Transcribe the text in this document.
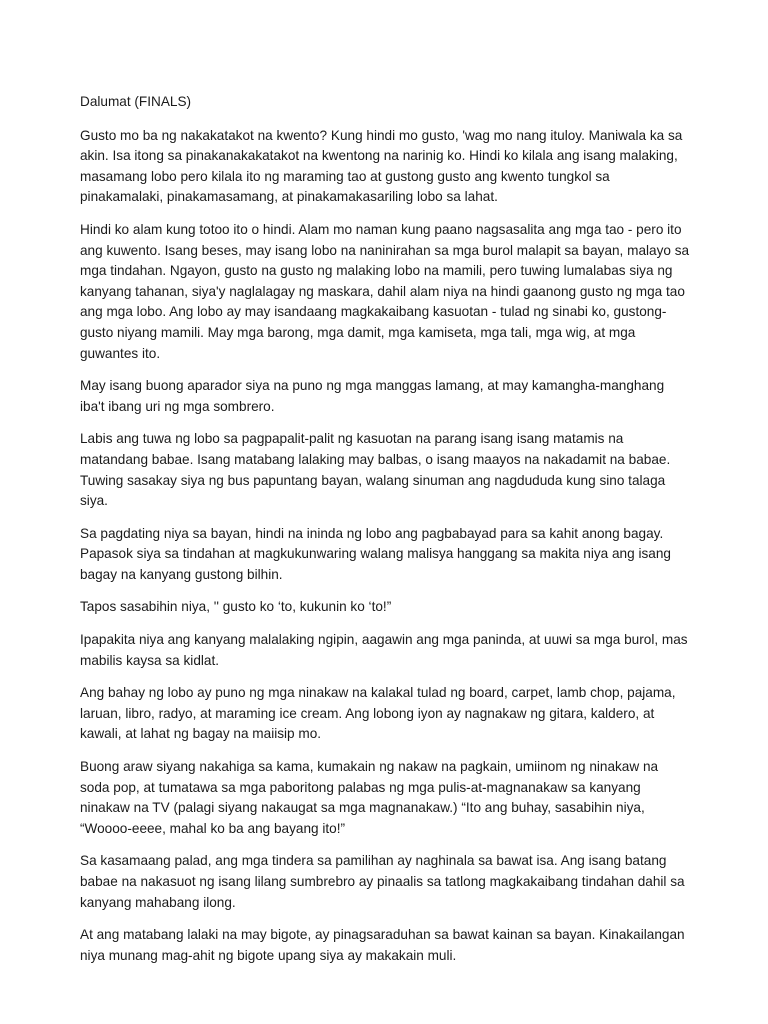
Dalumat (FINALS)

Gusto mo ba ng nakakatakot na kwento? Kung hindi mo gusto, 'wag mo nang ituloy. Maniwala ka sa akin. Isa itong sa pinakanakakatakot na kwentong na narinig ko. Hindi ko kilala ang isang malaking, masamang lobo pero kilala ito ng maraming tao at gustong gusto ang kwento tungkol sa pinakamalaki, pinakamasamang, at pinakamakasariling lobo sa lahat.

Hindi ko alam kung totoo ito o hindi. Alam mo naman kung paano nagsasalita ang mga tao - pero ito ang kuwento. Isang beses, may isang lobo na naninirahan sa mga burol malapit sa bayan, malayo sa mga tindahan. Ngayon, gusto na gusto ng malaking lobo na mamili, pero tuwing lumalabas siya ng kanyang tahanan, siya'y naglalagay ng maskara, dahil alam niya na hindi gaanong gusto ng mga tao ang mga lobo. Ang lobo ay may isandaang magkakaibang kasuotan - tulad ng sinabi ko, gustong-gusto niyang mamili. May mga barong, mga damit, mga kamiseta, mga tali, mga wig, at mga guwantes ito.

May isang buong aparador siya na puno ng mga manggas lamang, at may kamangha-manghang iba't ibang uri ng mga sombrero.

Labis ang tuwa ng lobo sa pagpapalit-palit ng kasuotan na parang isang isang matamis na matandang babae. Isang matabang lalaking may balbas, o isang maayos na nakadamit na babae. Tuwing sasakay siya ng bus papuntang bayan, walang sinuman ang nagdududa kung sino talaga siya.

Sa pagdating niya sa bayan, hindi na ininda ng lobo ang pagbabayad para sa kahit anong bagay. Papasok siya sa tindahan at magkukunwaring walang malisya hanggang sa makita niya ang isang bagay na kanyang gustong bilhin.

Tapos sasabihin niya, '' gusto ko ‘to, kukunin ko ‘to!”

Ipapakita niya ang kanyang malalaking ngipin, aagawin ang mga paninda, at uuwi sa mga burol, mas mabilis kaysa sa kidlat.

Ang bahay ng lobo ay puno ng mga ninakaw na kalakal tulad ng board, carpet, lamb chop, pajama, laruan, libro, radyo, at maraming ice cream. Ang lobong iyon ay nagnakaw ng gitara, kaldero, at kawali, at lahat ng bagay na maiisip mo.

Buong araw siyang nakahiga sa kama, kumakain ng nakaw na pagkain, umiinom ng ninakaw na soda pop, at tumatawa sa mga paboritong palabas ng mga pulis-at-magnanakaw sa kanyang ninakaw na TV (palagi siyang nakaugat sa mga magnanakaw.) “Ito ang buhay, sasabihin niya, “Woooo-eeee, mahal ko ba ang bayang ito!”

Sa kasamaang palad, ang mga tindera sa pamilihan ay naghinala sa bawat isa. Ang isang batang babae na nakasuot ng isang lilang sumbrebro ay pinaalis sa tatlong magkakaibang tindahan dahil sa kanyang mahabang ilong.

At ang matabang lalaki na may bigote, ay pinagsaraduhan sa bawat kainan sa bayan. Kinakailangan niya munang mag-ahit ng bigote upang siya ay makakain muli.
